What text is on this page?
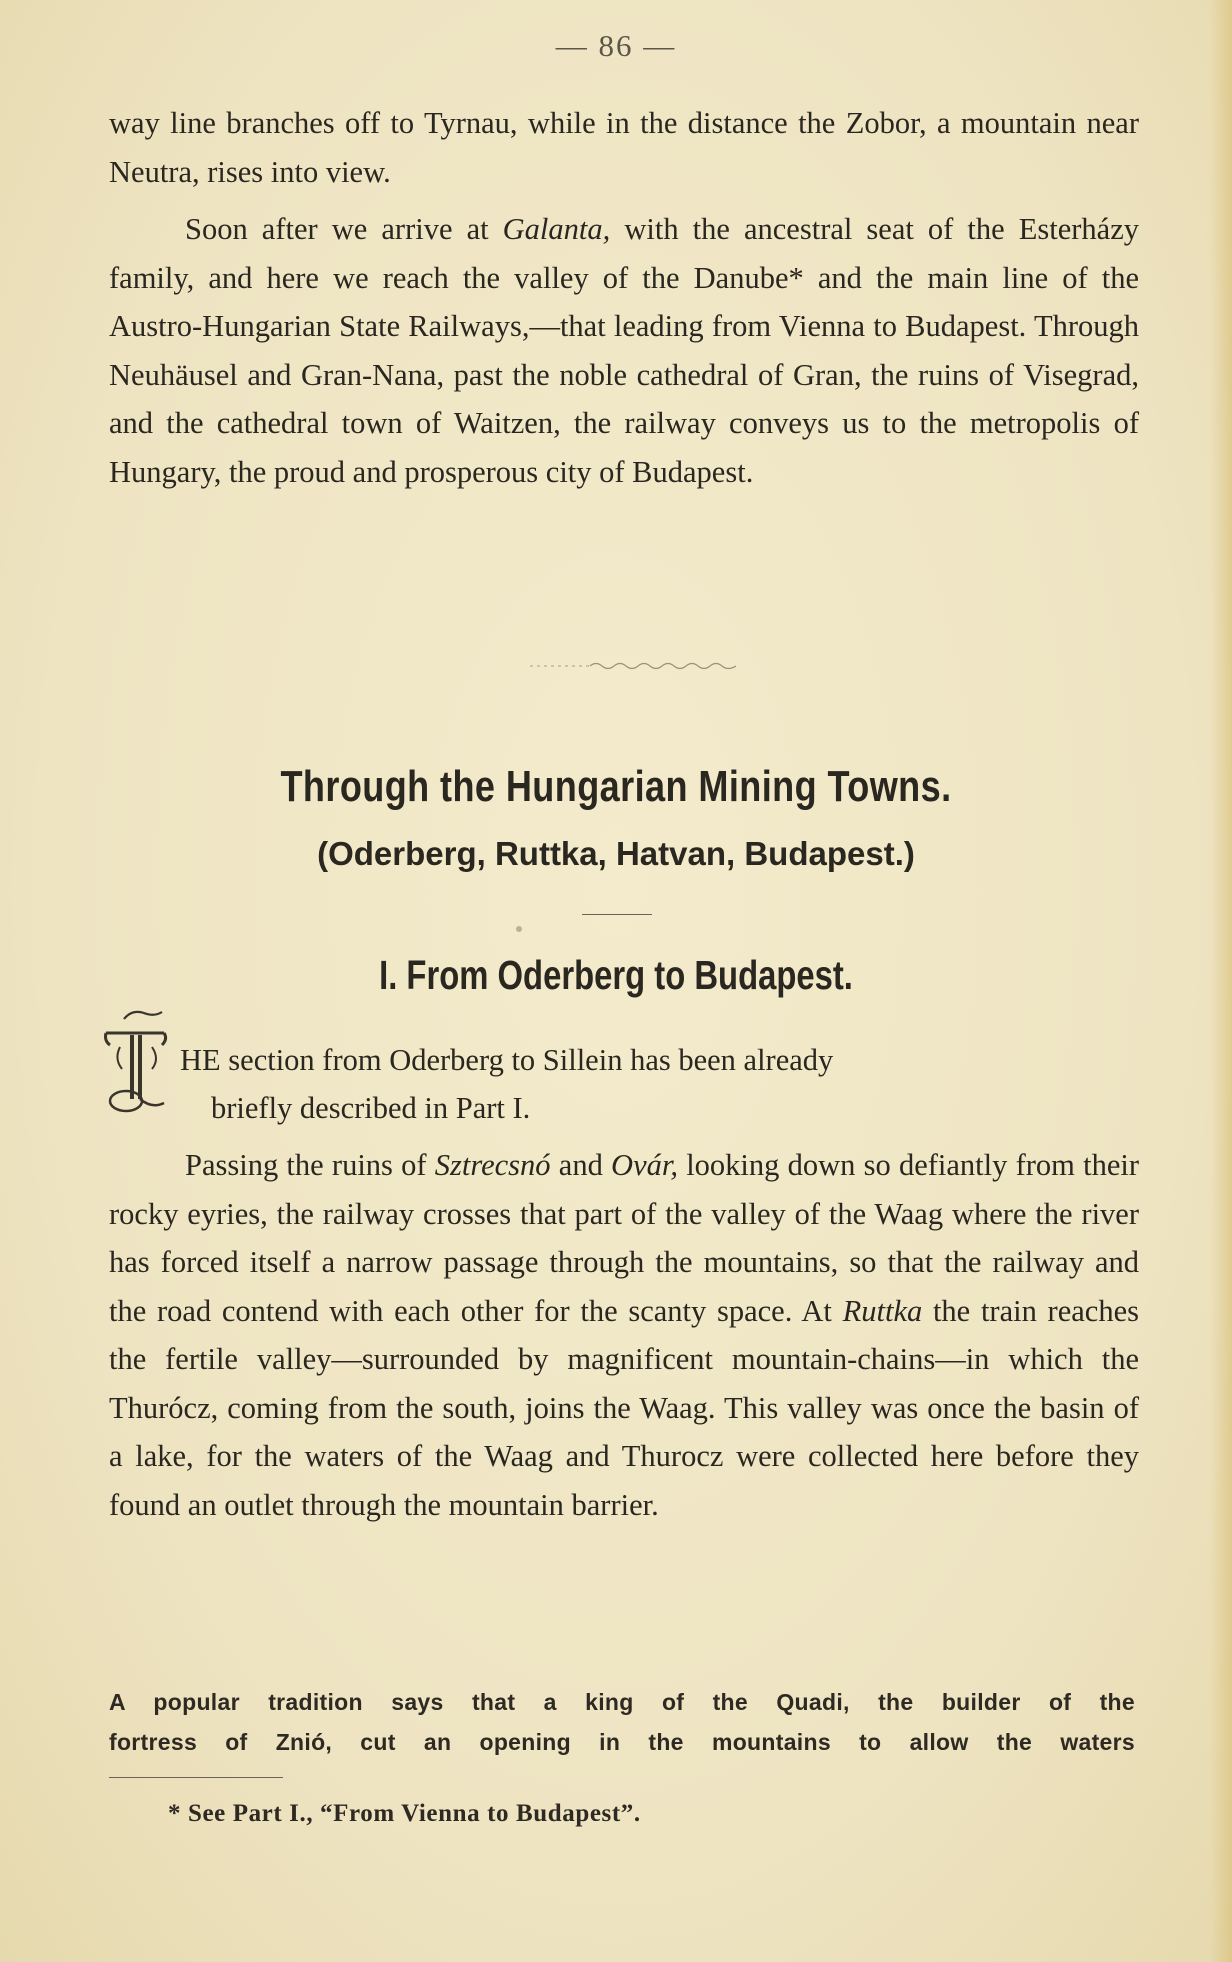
— 86 —

way line branches off to Tyrnau, while in the distance the Zobor, a mountain near Neutra, rises into view.

Soon after we arrive at Galanta, with the ancestral seat of the Esterházy family, and here we reach the valley of the Danube* and the main line of the Austro-Hungarian State Railways,—that leading from Vienna to Budapest. Through Neuhäusel and Gran-Nana, past the noble cathedral of Gran, the ruins of Visegrad, and the cathedral town of Waitzen, the railway conveys us to the metropolis of Hungary, the proud and prosperous city of Budapest.

Through the Hungarian Mining Towns.
(Oderberg, Ruttka, Hatvan, Budapest.)
I. From Oderberg to Budapest.
HE section from Oderberg to Sillein has been already
briefly described in Part I.

Passing the ruins of Sztrecsnó and Ovár, looking down so defiantly from their rocky eyries, the railway crosses that part of the valley of the Waag where the river has forced itself a narrow passage through the mountains, so that the railway and the road contend with each other for the scanty space. At Ruttka the train reaches the fertile valley—surrounded by magnificent mountain-chains—in which the Thurócz, coming from the south, joins the Waag. This valley was once the basin of a lake, for the waters of the Waag and Thurocz were collected here before they found an outlet through the mountain barrier.

A popular tradition says that a king of the Quadi, the builder of the
fortress of Znió, cut an opening in the mountains to allow the waters
* See Part I., “From Vienna to Budapest”.
